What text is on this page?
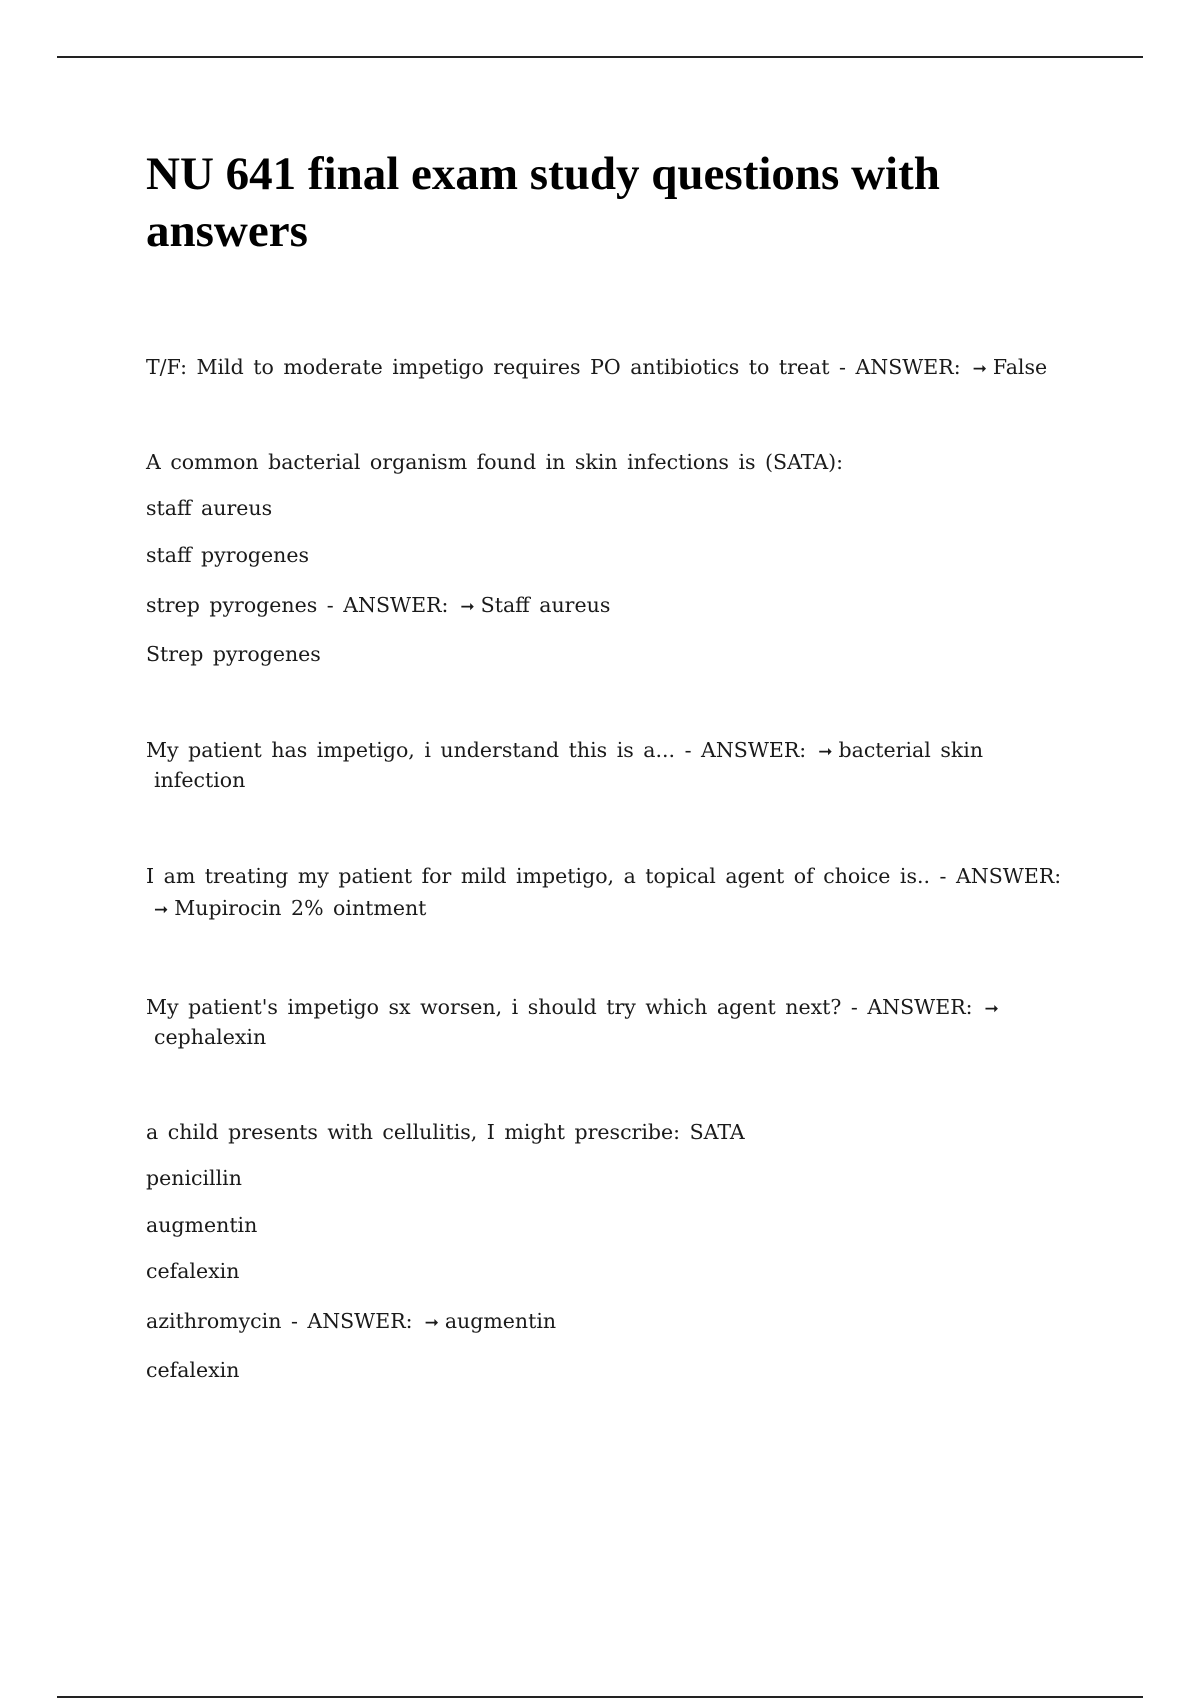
NU 641 final exam study questions with answers
T/F: Mild to moderate impetigo requires PO antibiotics to treat - ANSWER: ➞ False
A common bacterial organism found in skin infections is (SATA):
staff aureus
staff pyrogenes
strep pyrogenes - ANSWER: ➞ Staff aureus
Strep pyrogenes
My patient has impetigo, i understand this is a... - ANSWER: ➞ bacterial skin
infection
I am treating my patient for mild impetigo, a topical agent of choice is.. - ANSWER:
➞ Mupirocin 2% ointment
My patient's impetigo sx worsen, i should try which agent next? - ANSWER: ➞
cephalexin
a child presents with cellulitis, I might prescribe: SATA
penicillin
augmentin
cefalexin
azithromycin - ANSWER: ➞ augmentin
cefalexin
